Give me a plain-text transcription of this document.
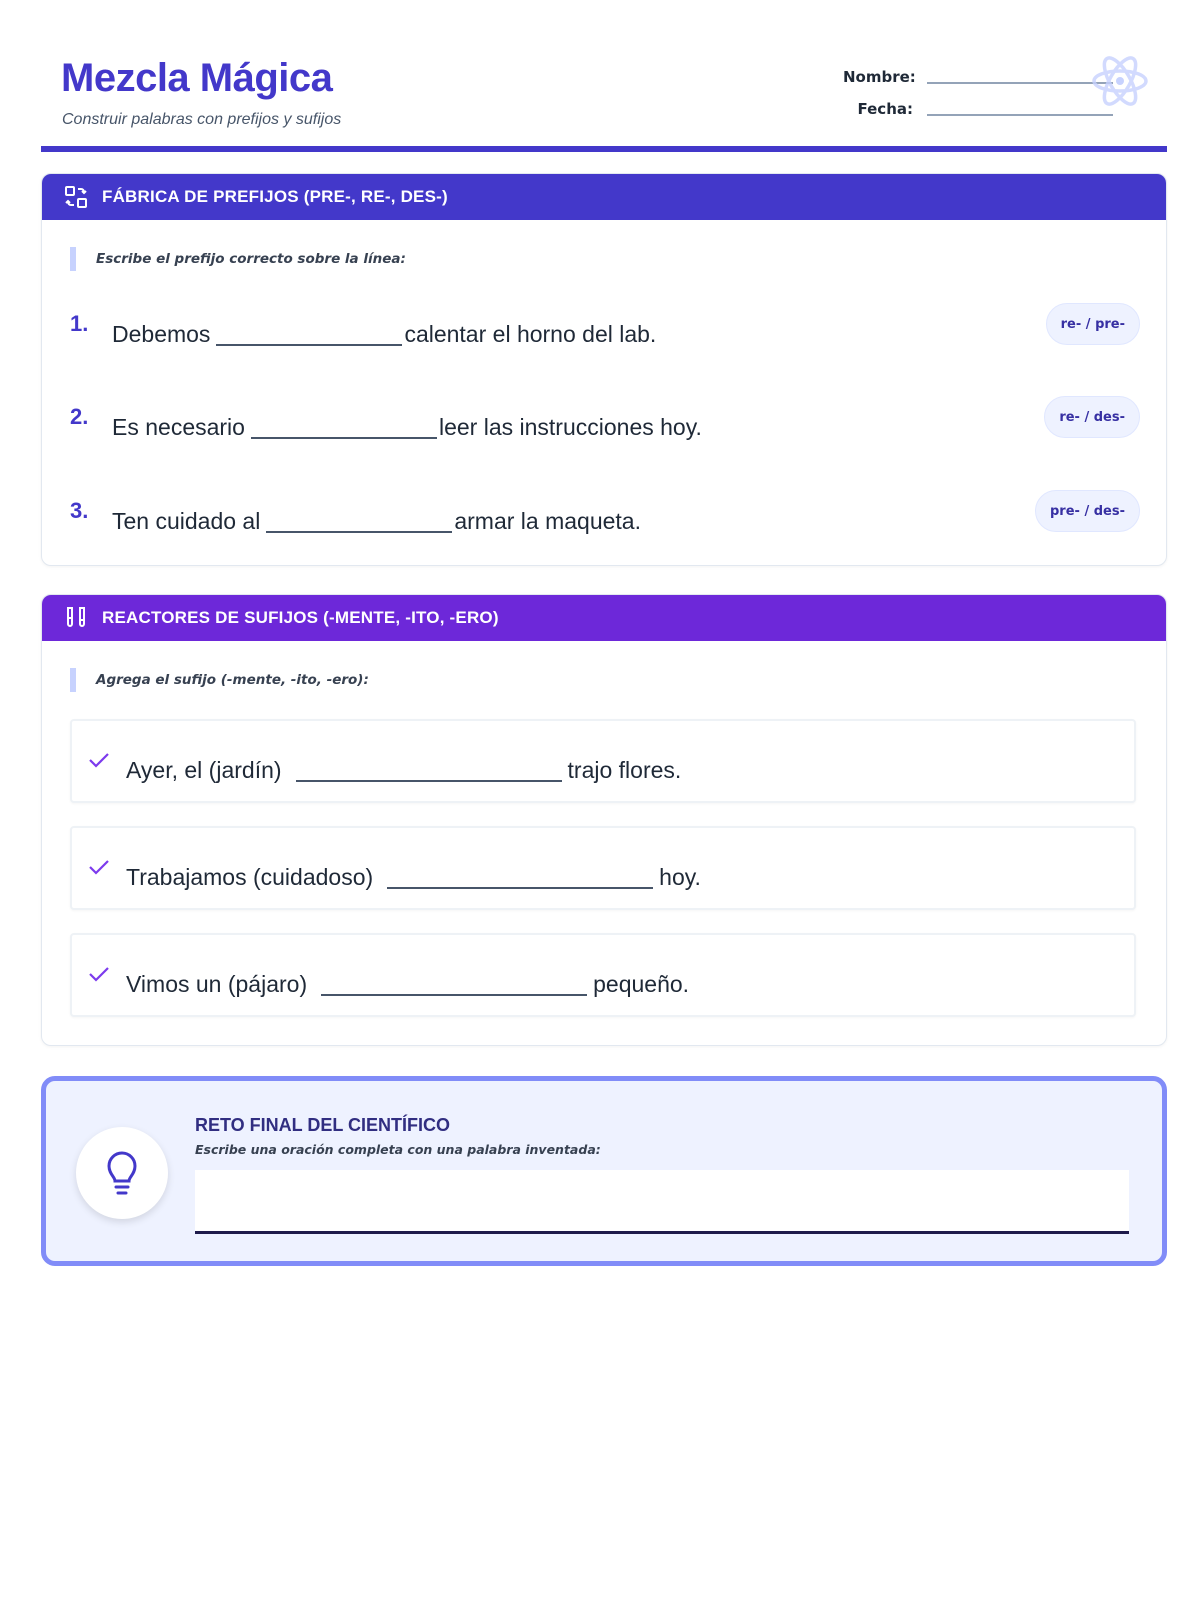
Mezcla Mágica
Construir palabras con prefijos y sufijos
Nombre:
Fecha:
FÁBRICA DE PREFIJOS (PRE-, RE-, DES-)
Escribe el prefijo correcto sobre la línea:
1. Debemos	calentar el horno del lab.	re- / pre-
2. Es necesario	leer las instrucciones hoy.	re- / des-
3. Ten cuidado al	armar la maqueta.	pre- / des-
REACTORES DE SUFIJOS (-MENTE, -ITO, -ERO)
Agrega el sufijo (-mente, -ito, -ero):
Ayer, el (jardín)	trajo flores.
Trabajamos (cuidadoso)	hoy.
Vimos un (pájaro)	pequeño.
RETO FINAL DEL CIENTÍFICO
Escribe una oración completa con una palabra inventada:
